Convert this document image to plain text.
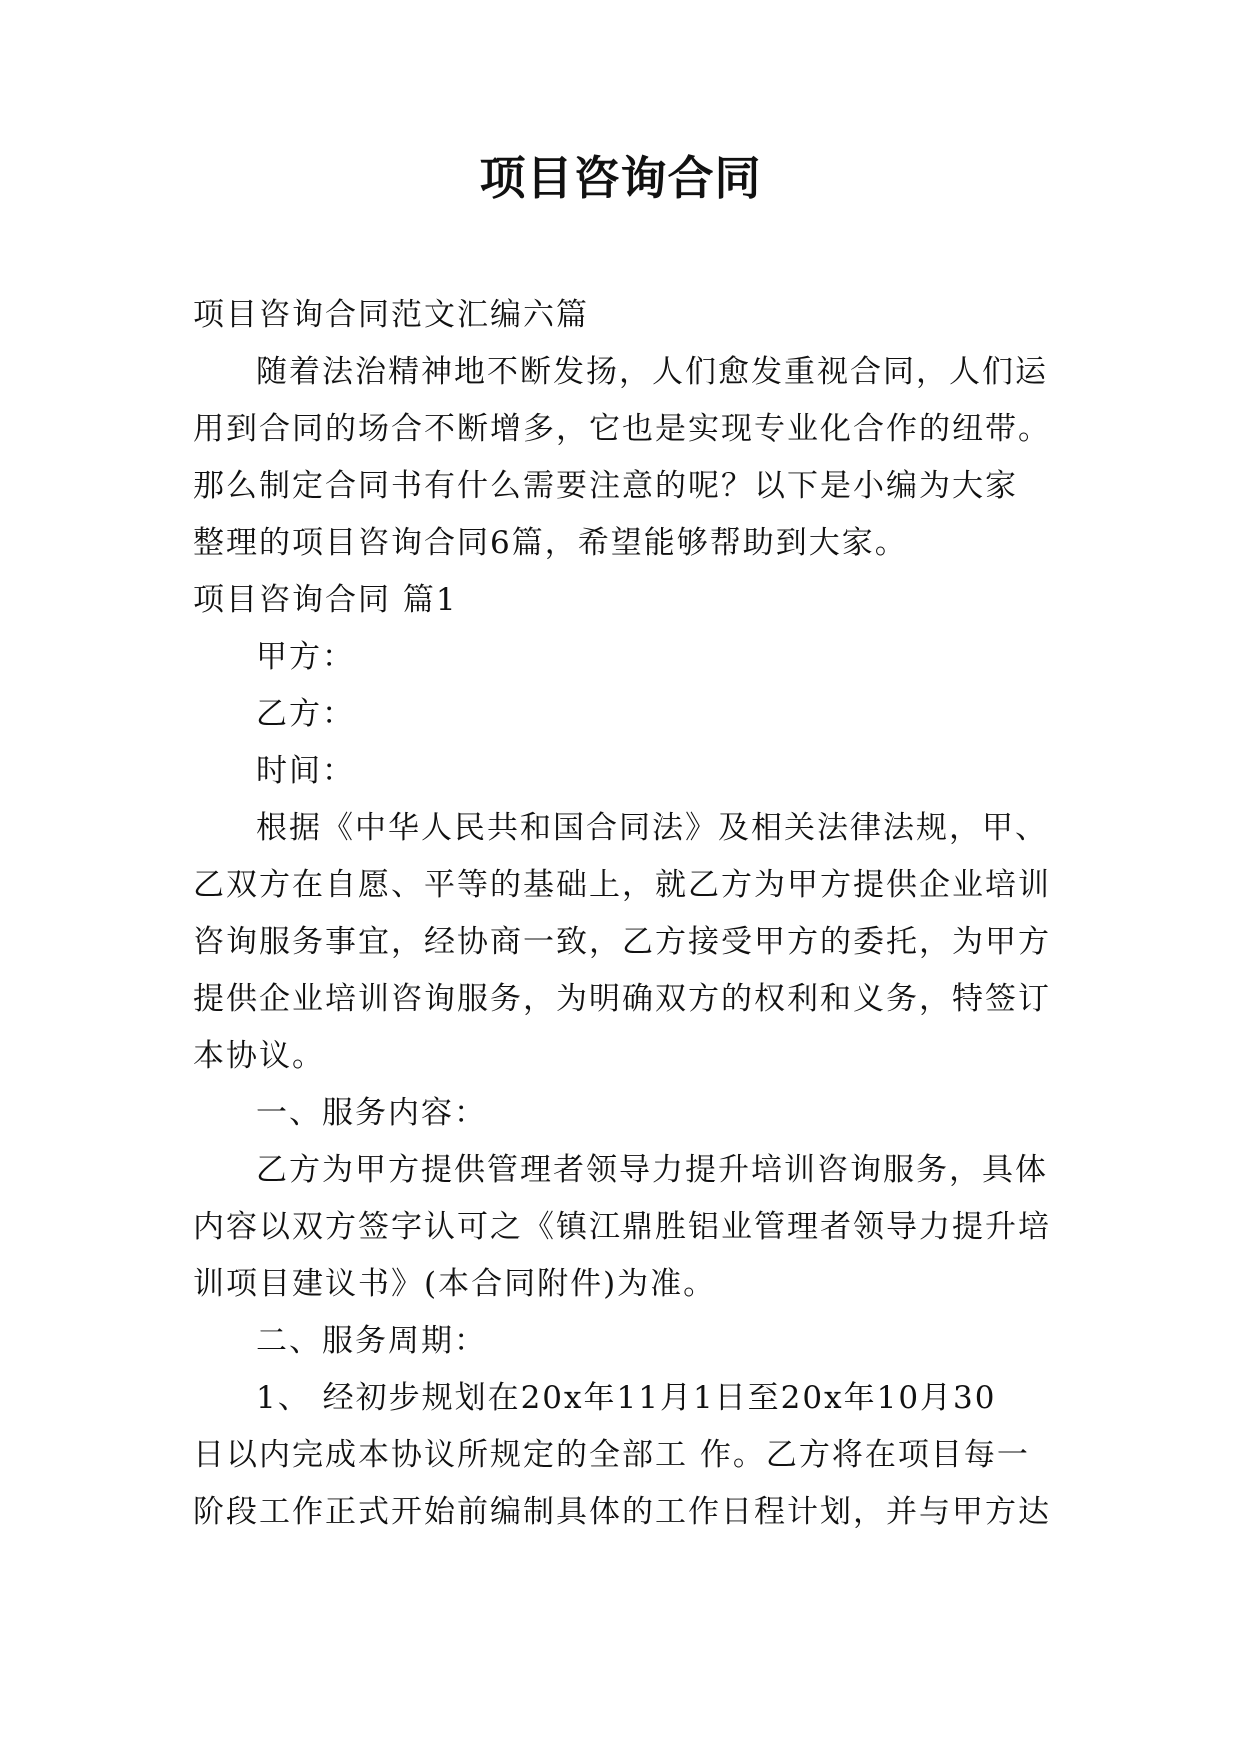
项目咨询合同
项目咨询合同范文汇编六篇
随着法治精神地不断发扬，人们愈发重视合同，人们运
用到合同的场合不断增多，它也是实现专业化合作的纽带。
那么制定合同书有什么需要注意的呢？以下是小编为大家
整理的项目咨询合同6篇，希望能够帮助到大家。
项目咨询合同 篇1
甲方：
乙方：
时间：
根据《中华人民共和国合同法》及相关法律法规，甲、
乙双方在自愿、平等的基础上，就乙方为甲方提供企业培训
咨询服务事宜，经协商一致，乙方接受甲方的委托，为甲方
提供企业培训咨询服务，为明确双方的权利和义务，特签订
本协议。
一、服务内容：
乙方为甲方提供管理者领导力提升培训咨询服务，具体
内容以双方签字认可之《镇江鼎胜铝业管理者领导力提升培
训项目建议书》(本合同附件)为准。
二、服务周期：
1、 经初步规划在20x年11月1日至20x年10月30
日以内完成本协议所规定的全部工 作。乙方将在项目每一
阶段工作正式开始前编制具体的工作日程计划，并与甲方达
